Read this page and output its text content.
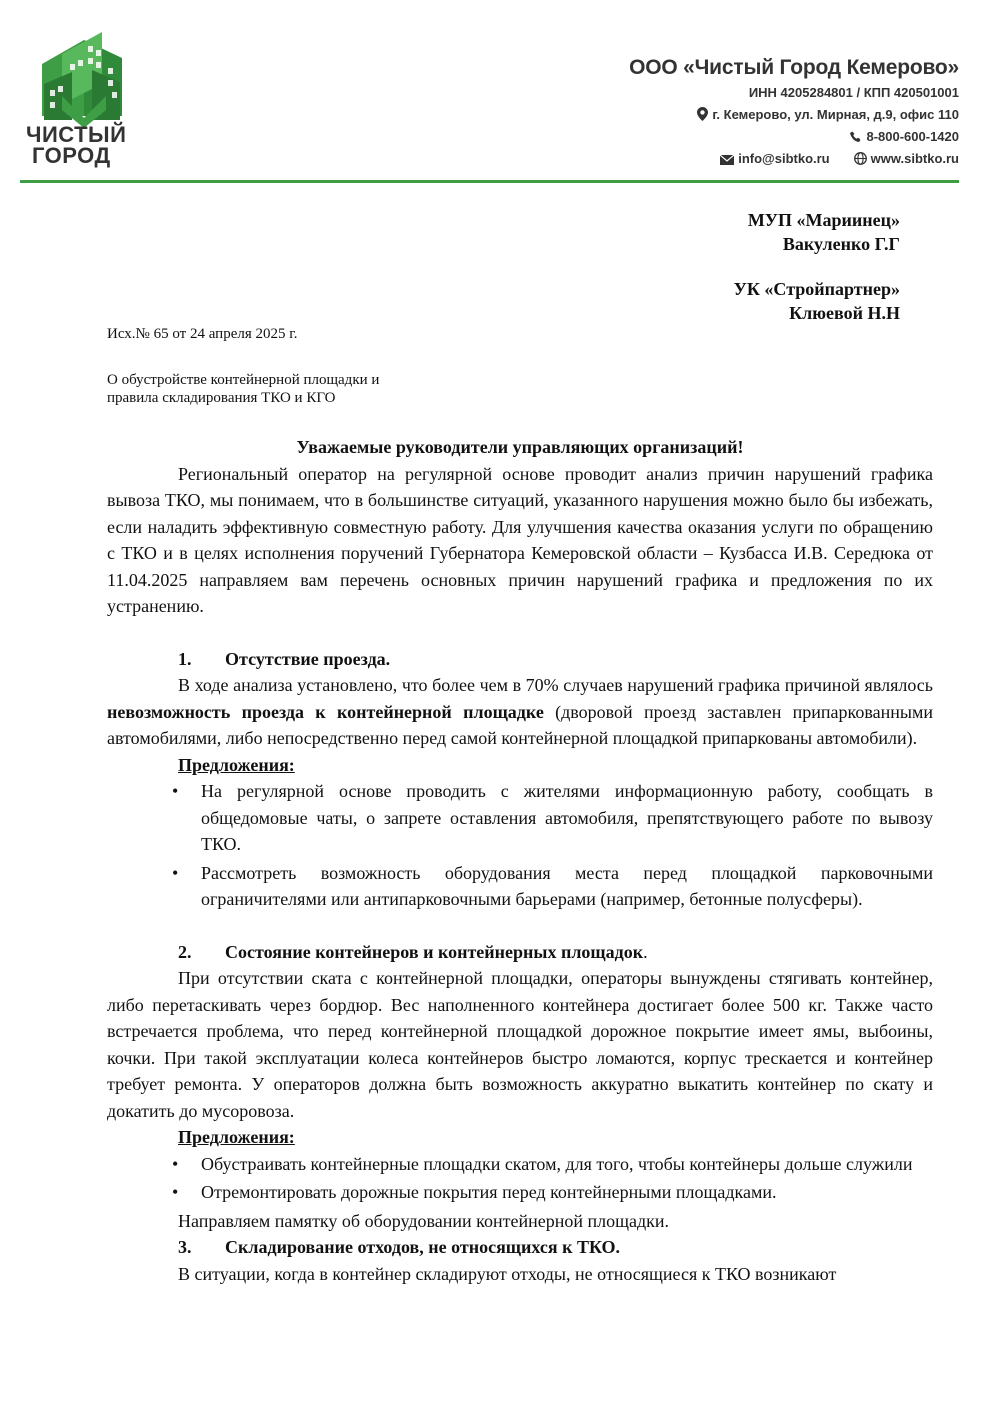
ЧИСТЫЙ
ГОРОД
ООО «Чистый Город Кемерово»
ИНН 4205284801 / КПП 420501001
г. Кемерово, ул. Мирная, д.9, офис 110
8-800-600-1420
info@sibtko.ru	www.sibtko.ru
МУП «Мариинец»
Вакуленко Г.Г
УК «Стройпартнер»
Клюевой Н.Н
Исх.№ 65 от 24 апреля 2025 г.
О обустройстве контейнерной площадки и
правила складирования ТКО и КГО

Уважаемые руководители управляющих организаций!

Региональный оператор на регулярной основе проводит анализ причин нарушений графика вывоза ТКО, мы понимаем, что в большинстве ситуаций, указанного нарушения можно было бы избежать, если наладить эффективную совместную работу. Для улучшения качества оказания услуги по обращению с ТКО и в целях исполнения поручений Губернатора Кемеровской области – Кузбасса И.В. Середюка от 11.04.2025 направляем вам перечень основных причин нарушений графика и предложения по их устранению.

1. Отсутствие проезда.

В ходе анализа установлено, что более чем в 70% случаев нарушений графика причиной являлось невозможность проезда к контейнерной площадке (дворовой проезд заставлен припаркованными автомобилями, либо непосредственно перед самой контейнерной площадкой припаркованы автомобили).

Предложения:

• На регулярной основе проводить с жителями информационную работу, сообщать в общедомовые чаты, о запрете оставления автомобиля, препятствующего работе по вывозу ТКО.
• Рассмотреть возможность оборудования места перед площадкой парковочными ограничителями или антипарковочными барьерами (например, бетонные полусферы).

2. Состояние контейнеров и контейнерных площадок.

При отсутствии ската с контейнерной площадки, операторы вынуждены стягивать контейнер, либо перетаскивать через бордюр. Вес наполненного контейнера достигает более 500 кг. Также часто встречается проблема, что перед контейнерной площадкой дорожное покрытие имеет ямы, выбоины, кочки. При такой эксплуатации колеса контейнеров быстро ломаются, корпус трескается и контейнер требует ремонта. У операторов должна быть возможность аккуратно выкатить контейнер по скату и докатить до мусоровоза.

Предложения:

• Обустраивать контейнерные площадки скатом, для того, чтобы контейнеры дольше служили
• Отремонтировать дорожные покрытия перед контейнерными площадками.

Направляем памятку об оборудовании контейнерной площадки.

3. Складирование отходов, не относящихся к ТКО.

В ситуации, когда в контейнер складируют отходы, не относящиеся к ТКО возникают
